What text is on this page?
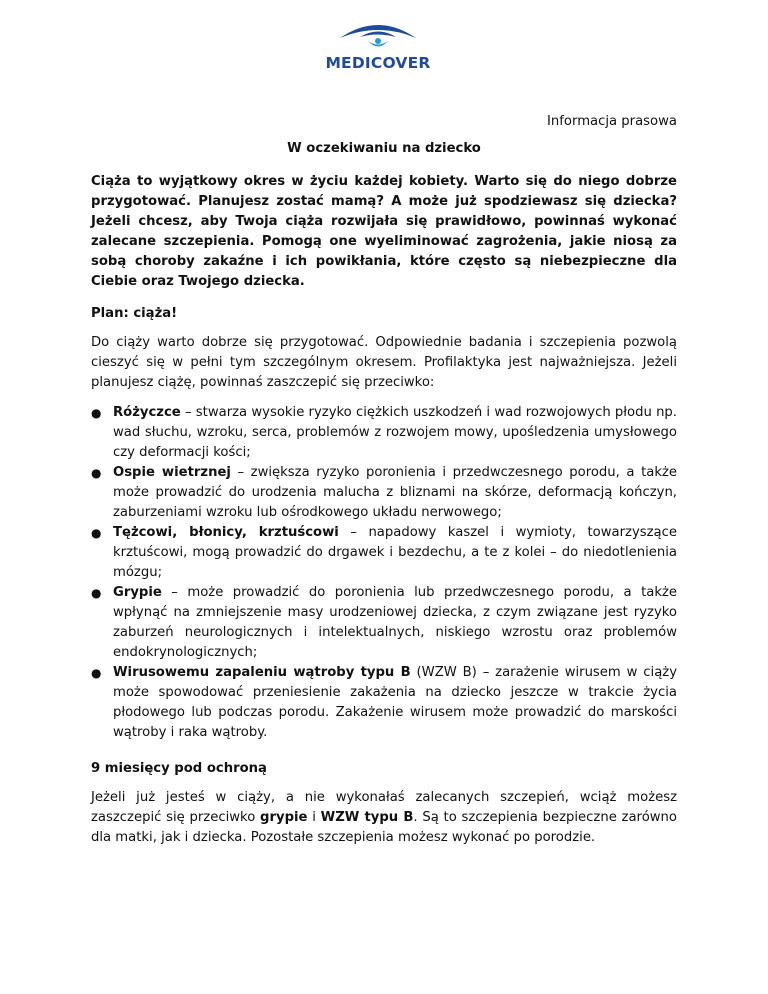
MEDICOVER
Informacja prasowa
W oczekiwaniu na dziecko
Ciąża to wyjątkowy okres w życiu każdej kobiety. Warto się do niego dobrze przygotować. Planujesz zostać mamą? A może już spodziewasz się dziecka? Jeżeli chcesz, aby Twoja ciąża rozwijała się prawidłowo, powinnaś wykonać zalecane szczepienia. Pomogą one wyeliminować zagrożenia, jakie niosą za sobą choroby zakaźne i ich powikłania, które często są niebezpieczne dla Ciebie oraz Twojego dziecka.
Plan: ciąża!

Do ciąży warto dobrze się przygotować. Odpowiednie badania i szczepienia pozwolą cieszyć się w pełni tym szczególnym okresem. Profilaktyka jest najważniejsza. Jeżeli planujesz ciążę, powinnaś zaszczepić się przeciwko:

● Różyczce – stwarza wysokie ryzyko ciężkich uszkodzeń i wad rozwojowych płodu np. wad słuchu, wzroku, serca, problemów z rozwojem mowy, upośledzenia umysłowego czy deformacji kości;
● Ospie wietrznej – zwiększa ryzyko poronienia i przedwczesnego porodu, a także może prowadzić do urodzenia malucha z bliznami na skórze, deformacją kończyn, zaburzeniami wzroku lub ośrodkowego układu nerwowego;
● Tężcowi, błonicy, krztuścowi – napadowy kaszel i wymioty, towarzyszące krztuścowi, mogą prowadzić do drgawek i bezdechu, a te z kolei – do niedotlenienia mózgu;
● Grypie – może prowadzić do poronienia lub przedwczesnego porodu, a także wpłynąć na zmniejszenie masy urodzeniowej dziecka, z czym związane jest ryzyko zaburzeń neurologicznych i intelektualnych, niskiego wzrostu oraz problemów endokrynologicznych;
● Wirusowemu zapaleniu wątroby typu B (WZW B) – zarażenie wirusem w ciąży może spowodować przeniesienie zakażenia na dziecko jeszcze w trakcie życia płodowego lub podczas porodu. Zakażenie wirusem może prowadzić do marskości wątroby i raka wątroby.
9 miesięcy pod ochroną

Jeżeli już jesteś w ciąży, a nie wykonałaś zalecanych szczepień, wciąż możesz zaszczepić się przeciwko grypie i WZW typu B. Są to szczepienia bezpieczne zarówno dla matki, jak i dziecka. Pozostałe szczepienia możesz wykonać po porodzie.
